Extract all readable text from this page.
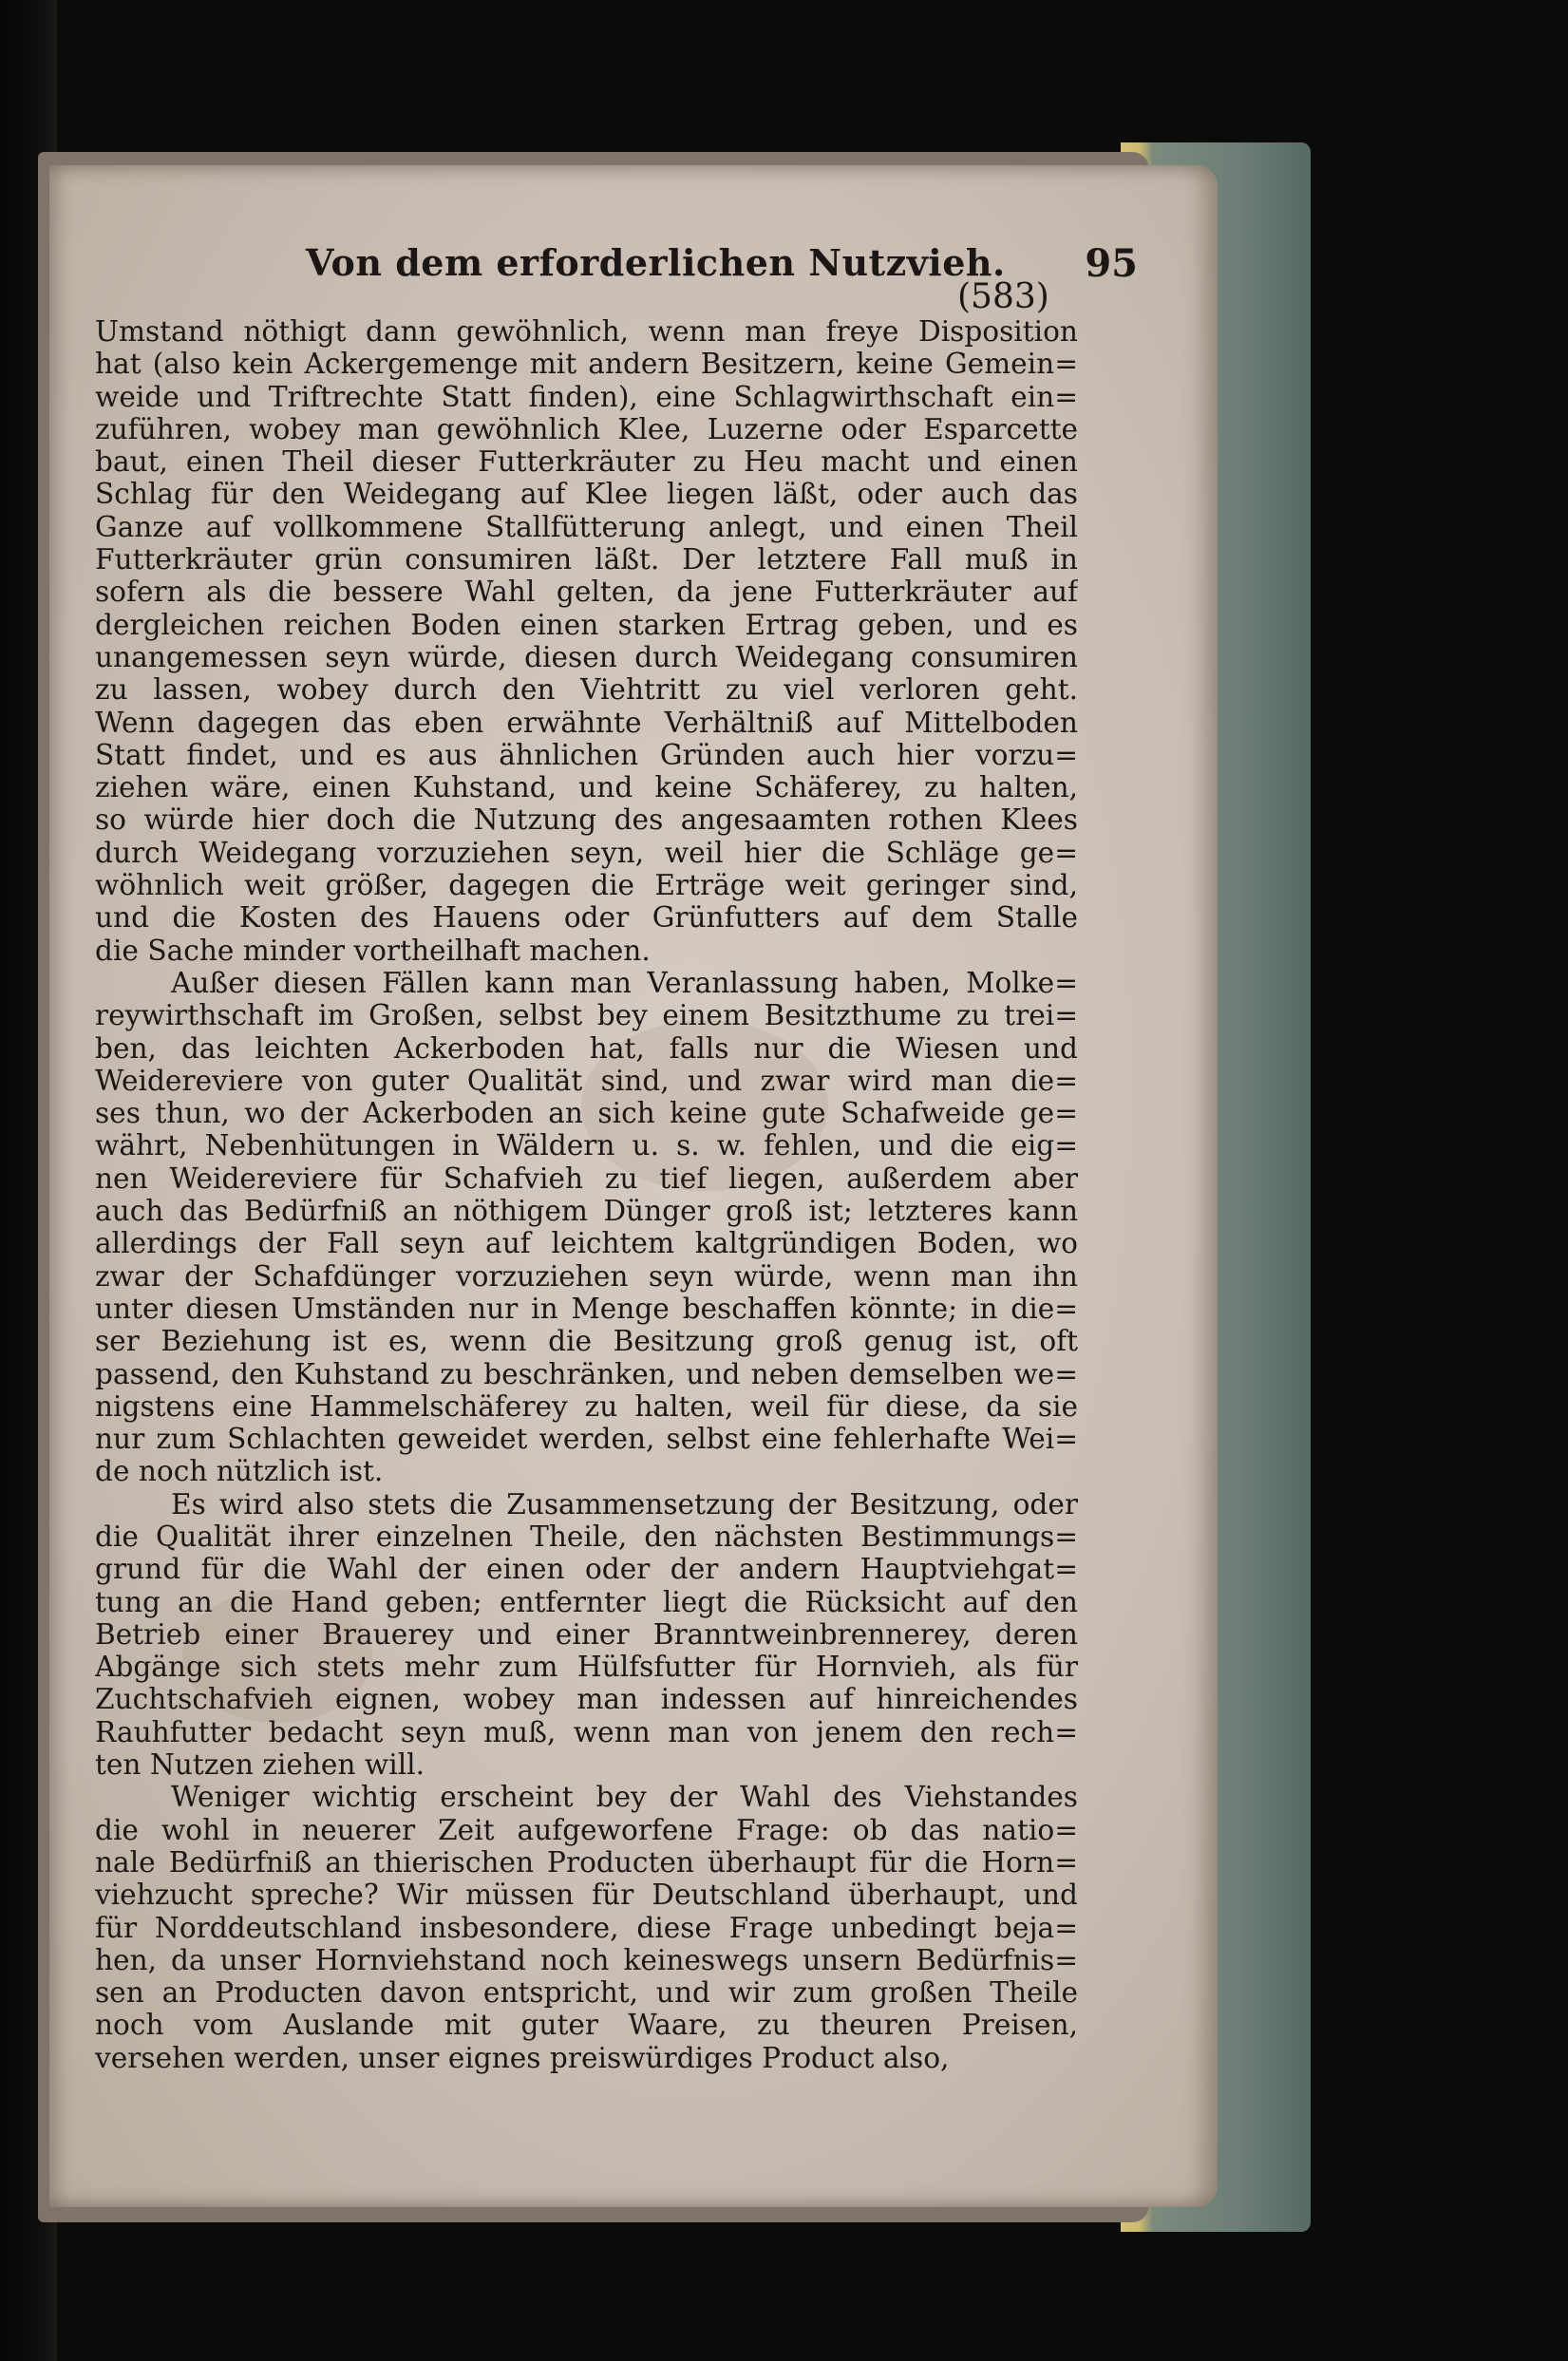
Von dem erforderlichen Nutzvieh. 95
(583)
Umstand nöthigt dann gewöhnlich, wenn man freye Disposition
hat (also kein Ackergemenge mit andern Besitzern, keine Gemein=
weide und Triftrechte Statt finden), eine Schlagwirthschaft ein=
zuführen, wobey man gewöhnlich Klee, Luzerne oder Esparcette
baut, einen Theil dieser Futterkräuter zu Heu macht und einen
Schlag für den Weidegang auf Klee liegen läßt, oder auch das
Ganze auf vollkommene Stallfütterung anlegt, und einen Theil
Futterkräuter grün consumiren läßt. Der letztere Fall muß in
sofern als die bessere Wahl gelten, da jene Futterkräuter auf
dergleichen reichen Boden einen starken Ertrag geben, und es
unangemessen seyn würde, diesen durch Weidegang consumiren
zu lassen, wobey durch den Viehtritt zu viel verloren geht.
Wenn dagegen das eben erwähnte Verhältniß auf Mittelboden
Statt findet, und es aus ähnlichen Gründen auch hier vorzu=
ziehen wäre, einen Kuhstand, und keine Schäferey, zu halten,
so würde hier doch die Nutzung des angesaamten rothen Klees
durch Weidegang vorzuziehen seyn, weil hier die Schläge ge=
wöhnlich weit größer, dagegen die Erträge weit geringer sind,
und die Kosten des Hauens oder Grünfutters auf dem Stalle
die Sache minder vortheilhaft machen.
Außer diesen Fällen kann man Veranlassung haben, Molke=
reywirthschaft im Großen, selbst bey einem Besitzthume zu trei=
ben, das leichten Ackerboden hat, falls nur die Wiesen und
Weidereviere von guter Qualität sind, und zwar wird man die=
ses thun, wo der Ackerboden an sich keine gute Schafweide ge=
währt, Nebenhütungen in Wäldern u. s. w. fehlen, und die eig=
nen Weidereviere für Schafvieh zu tief liegen, außerdem aber
auch das Bedürfniß an nöthigem Dünger groß ist; letzteres kann
allerdings der Fall seyn auf leichtem kaltgründigen Boden, wo
zwar der Schafdünger vorzuziehen seyn würde, wenn man ihn
unter diesen Umständen nur in Menge beschaffen könnte; in die=
ser Beziehung ist es, wenn die Besitzung groß genug ist, oft
passend, den Kuhstand zu beschränken, und neben demselben we=
nigstens eine Hammelschäferey zu halten, weil für diese, da sie
nur zum Schlachten geweidet werden, selbst eine fehlerhafte Wei=
de noch nützlich ist.
Es wird also stets die Zusammensetzung der Besitzung, oder
die Qualität ihrer einzelnen Theile, den nächsten Bestimmungs=
grund für die Wahl der einen oder der andern Hauptviehgat=
tung an die Hand geben; entfernter liegt die Rücksicht auf den
Betrieb einer Brauerey und einer Branntweinbrennerey, deren
Abgänge sich stets mehr zum Hülfsfutter für Hornvieh, als für
Zuchtschafvieh eignen, wobey man indessen auf hinreichendes
Rauhfutter bedacht seyn muß, wenn man von jenem den rech=
ten Nutzen ziehen will.
Weniger wichtig erscheint bey der Wahl des Viehstandes
die wohl in neuerer Zeit aufgeworfene Frage: ob das natio=
nale Bedürfniß an thierischen Producten überhaupt für die Horn=
viehzucht spreche? Wir müssen für Deutschland überhaupt, und
für Norddeutschland insbesondere, diese Frage unbedingt beja=
hen, da unser Hornviehstand noch keineswegs unsern Bedürfnis=
sen an Producten davon entspricht, und wir zum großen Theile
noch vom Auslande mit guter Waare, zu theuren Preisen,
versehen werden, unser eignes preiswürdiges Product also,
